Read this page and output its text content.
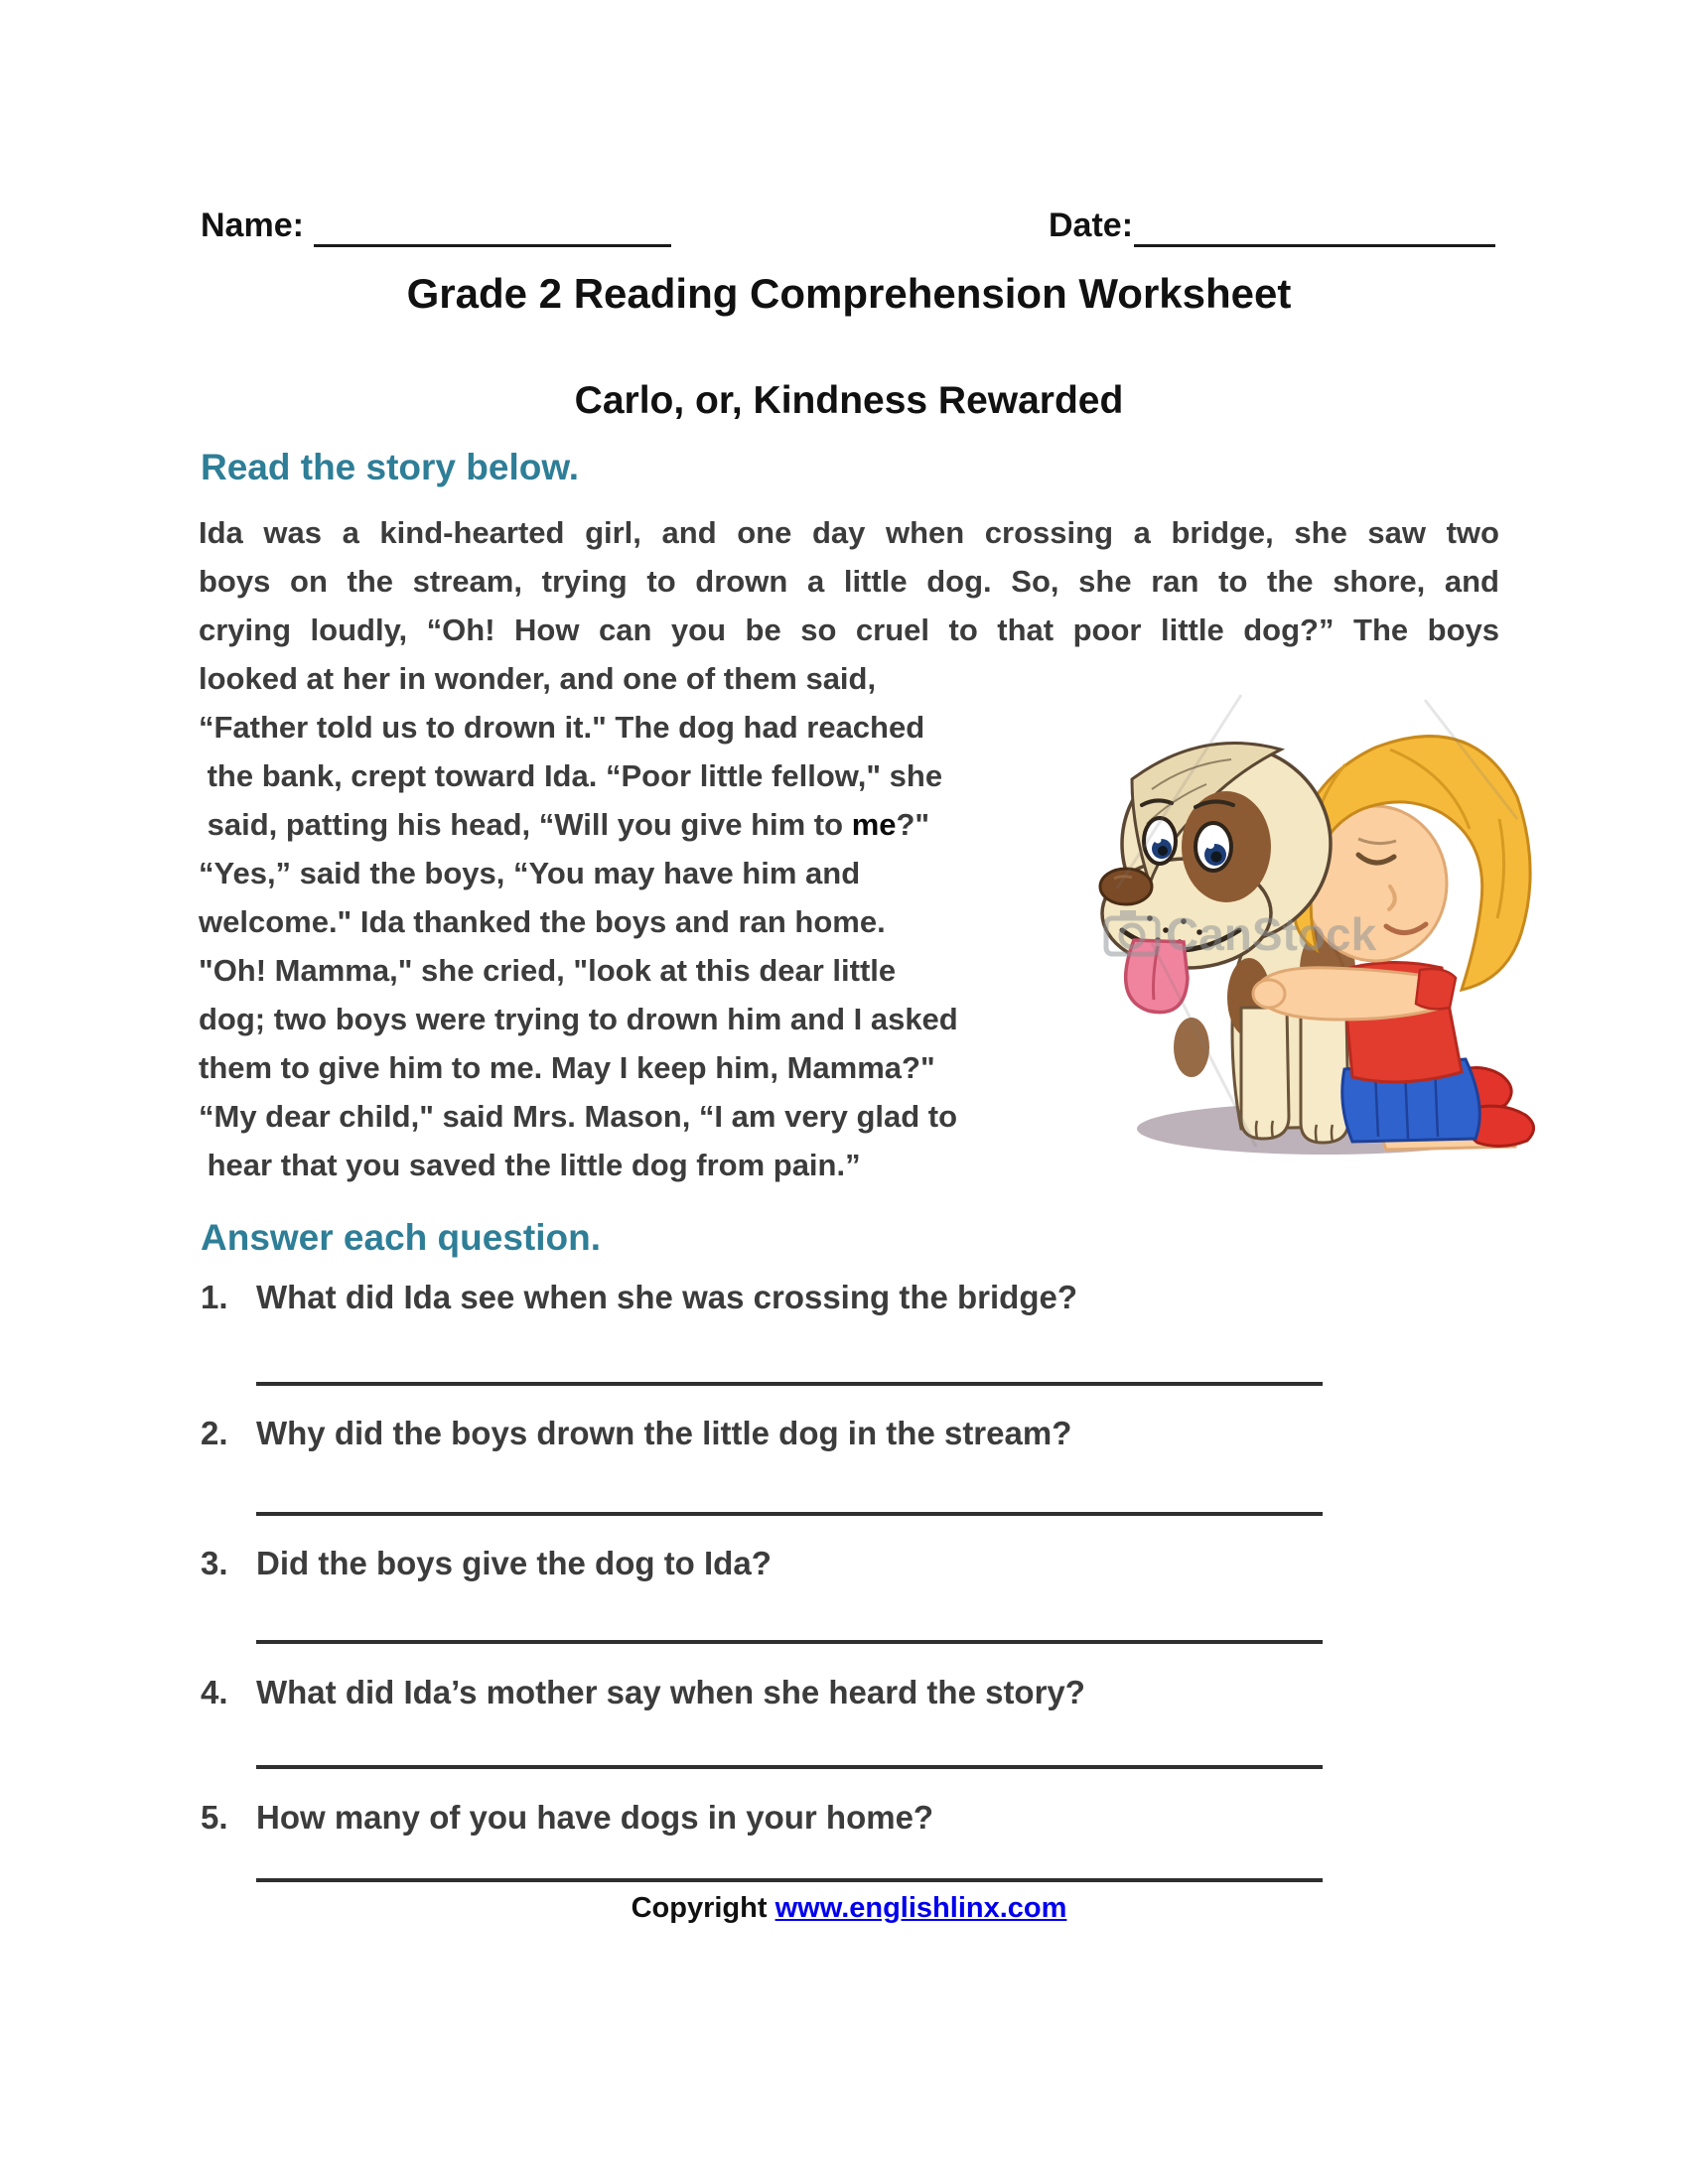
Name:	Date:
Grade 2 Reading Comprehension Worksheet
Carlo, or, Kindness Rewarded
Read the story below.
Ida was a kind-hearted girl, and one day when crossing a bridge, she saw two
boys on the stream, trying to drown a little dog. So, she ran to the shore, and
crying loudly, “Oh! How can you be so cruel to that poor little dog?” The boys
looked at her in wonder, and one of them said,
“Father told us to drown it." The dog had reached
the bank, crept toward Ida. “Poor little fellow," she
said, patting his head, “Will you give him to me?"
“Yes,” said the boys, “You may have him and
welcome." Ida thanked the boys and ran home.
"Oh! Mamma," she cried, "look at this dear little
dog; two boys were trying to drown him and I asked
them to give him to me. May I keep him, Mamma?"
“My dear child," said Mrs. Mason, “I am very glad to
hear that you saved the little dog from pain.”
CanStock
Answer each question.
1. What did Ida see when she was crossing the bridge?
2. Why did the boys drown the little dog in the stream?
3. Did the boys give the dog to Ida?
4. What did Ida’s mother say when she heard the story?
5. How many of you have dogs in your home?
Copyright www.englishlinx.com
